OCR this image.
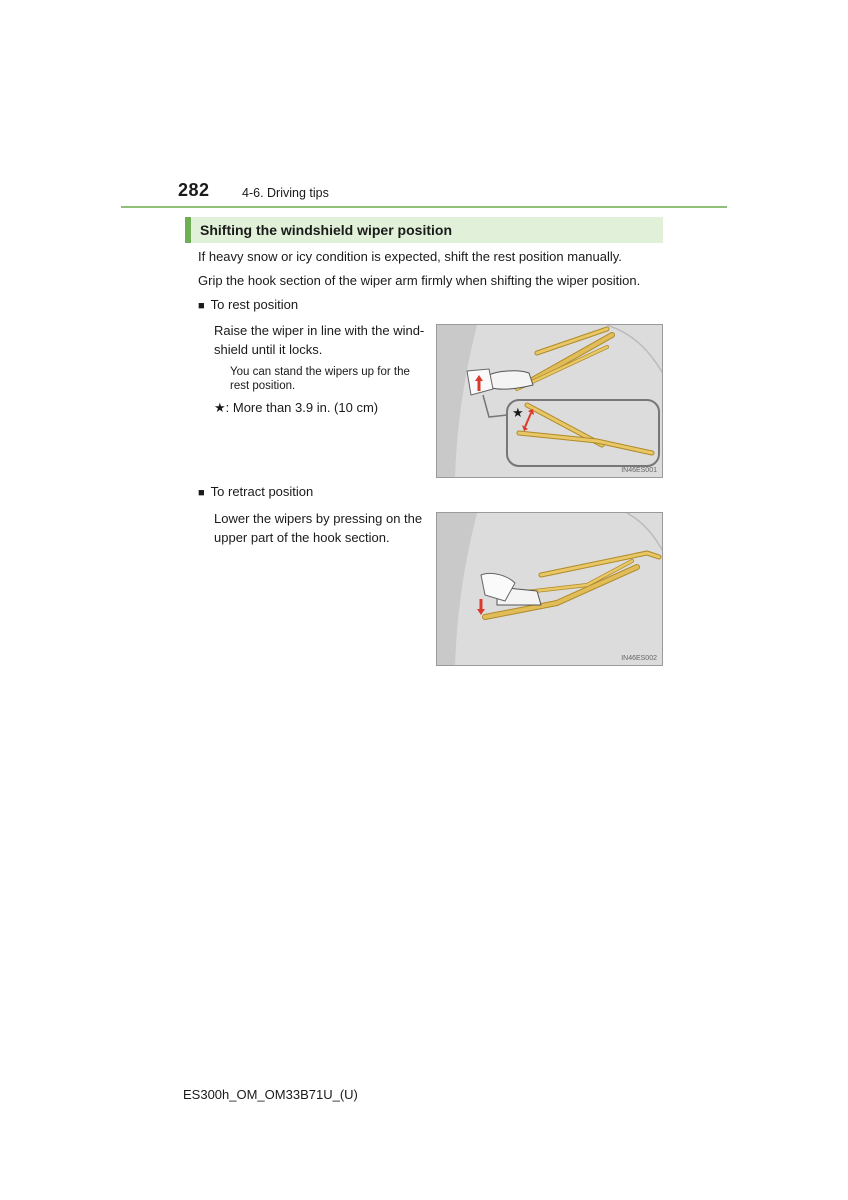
282	4-6. Driving tips
Shifting the windshield wiper position
If heavy snow or icy condition is expected, shift the rest position manually.
Grip the hook section of the wiper arm firmly when shifting the wiper position.
■ To rest position
Raise the wiper in line with the wind-
shield until it locks.
You can stand the wipers up for the
rest position.
★: More than 3.9 in. (10 cm)	★
IN46ES001
■ To retract position
Lower the wipers by pressing on the
upper part of the hook section.
IN46ES002
ES300h_OM_OM33B71U_(U)
